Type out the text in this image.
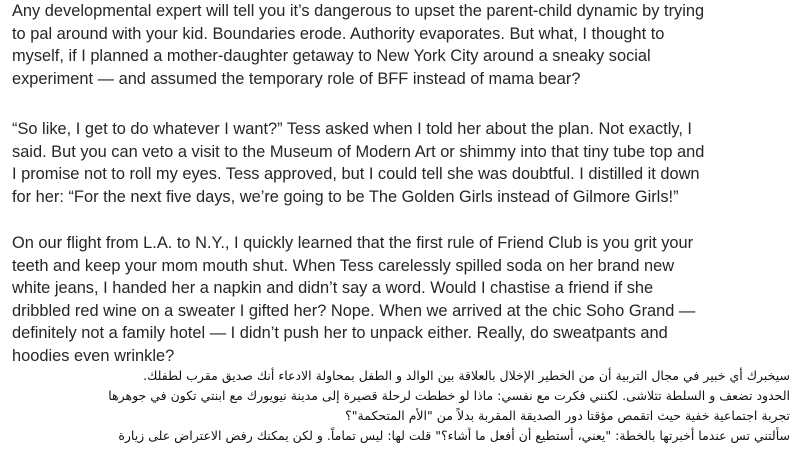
Any developmental expert will tell you it’s dangerous to upset the parent-child dynamic by trying
to pal around with your kid. Boundaries erode. Authority evaporates. But what, I thought to
myself, if I planned a mother-daughter getaway to New York City around a sneaky social
experiment — and assumed the temporary role of BFF instead of mama bear?

“So like, I get to do whatever I want?” Tess asked when I told her about the plan. Not exactly, I
said. But you can veto a visit to the Museum of Modern Art or shimmy into that tiny tube top and
I promise not to roll my eyes. Tess approved, but I could tell she was doubtful. I distilled it down
for her: “For the next five days, we’re going to be The Golden Girls instead of Gilmore Girls!”

On our flight from L.A. to N.Y., I quickly learned that the first rule of Friend Club is you grit your
teeth and keep your mom mouth shut. When Tess carelessly spilled soda on her brand new
white jeans, I handed her a napkin and didn’t say a word. Would I chastise a friend if she
dribbled red wine on a sweater I gifted her? Nope. When we arrived at the chic Soho Grand —
definitely not a family hotel — I didn’t push her to unpack either. Really, do sweatpants and
hoodies even wrinkle?

سيخبرك أي خبير في مجال التربية أن من الخطير الإخلال بالعلاقة بين الوالد و الطفل بمحاولة الادعاء أنك صديق مقرب لطفلك.
الحدود تضعف و السلطة تتلاشى. لكنني فكرت مع نفسي: ماذا لو خططت لرحلة قصيرة إلى مدينة نيويورك مع ابنتي تكون في جوهرها
تجربة اجتماعية خفية حيث اتقمص مؤقتا دور الصديقة المقربة بدلاً من "الأم المتحكمة"؟
سألتني تس عندما أخبرتها بالخطة: "يعني، أستطيع أن أفعل ما أشاء؟" قلت لها: ليس تماماً. و لكن يمكنك رفض الاعتراض على زيارة
